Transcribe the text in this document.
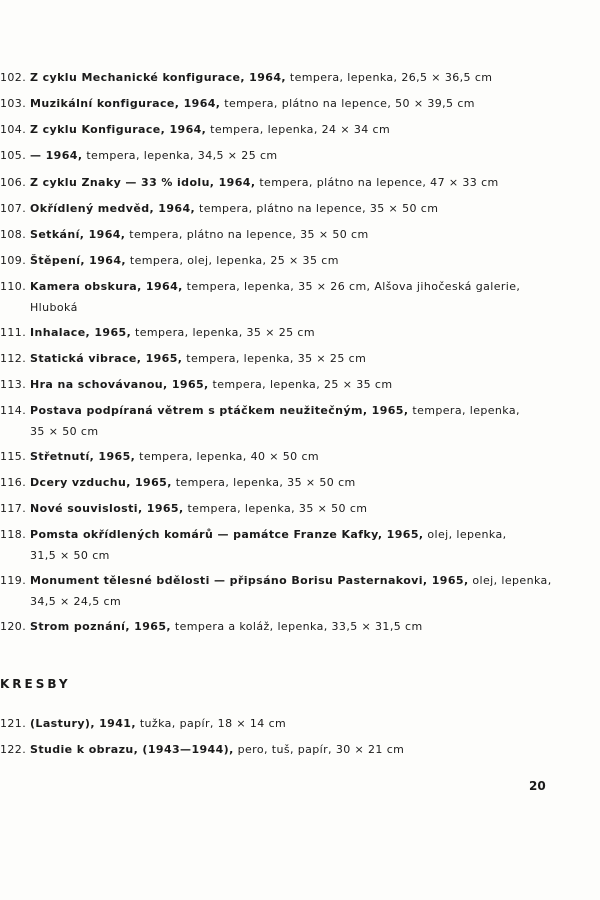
102. Z cyklu Mechanické konfigurace, 1964, tempera, lepenka, 26,5 × 36,5 cm
103. Muzikální konfigurace, 1964, tempera, plátno na lepence, 50 × 39,5 cm
104. Z cyklu Konfigurace, 1964, tempera, lepenka, 24 × 34 cm
105. — 1964, tempera, lepenka, 34,5 × 25 cm
106. Z cyklu Znaky — 33 % idolu, 1964, tempera, plátno na lepence, 47 × 33 cm
107. Okřídlený medvěd, 1964, tempera, plátno na lepence, 35 × 50 cm
108. Setkání, 1964, tempera, plátno na lepence, 35 × 50 cm
109. Štěpení, 1964, tempera, olej, lepenka, 25 × 35 cm
110. Kamera obskura, 1964, tempera, lepenka, 35 × 26 cm, Alšova jihočeská galerie,
Hluboká
111. Inhalace, 1965, tempera, lepenka, 35 × 25 cm
112. Statická vibrace, 1965, tempera, lepenka, 35 × 25 cm
113. Hra na schovávanou, 1965, tempera, lepenka, 25 × 35 cm
114. Postava podpíraná větrem s ptáčkem neužitečným, 1965, tempera, lepenka,
35 × 50 cm
115. Střetnutí, 1965, tempera, lepenka, 40 × 50 cm
116. Dcery vzduchu, 1965, tempera, lepenka, 35 × 50 cm
117. Nové souvislosti, 1965, tempera, lepenka, 35 × 50 cm
118. Pomsta okřídlených komárů — památce Franze Kafky, 1965, olej, lepenka,
31,5 × 50 cm
119. Monument tělesné bdělosti — připsáno Borisu Pasternakovi, 1965, olej, lepenka,
34,5 × 24,5 cm
120. Strom poznání, 1965, tempera a koláž, lepenka, 33,5 × 31,5 cm
KRESBY
121. (Lastury), 1941, tužka, papír, 18 × 14 cm
122. Studie k obrazu, (1943—1944), pero, tuš, papír, 30 × 21 cm
20
